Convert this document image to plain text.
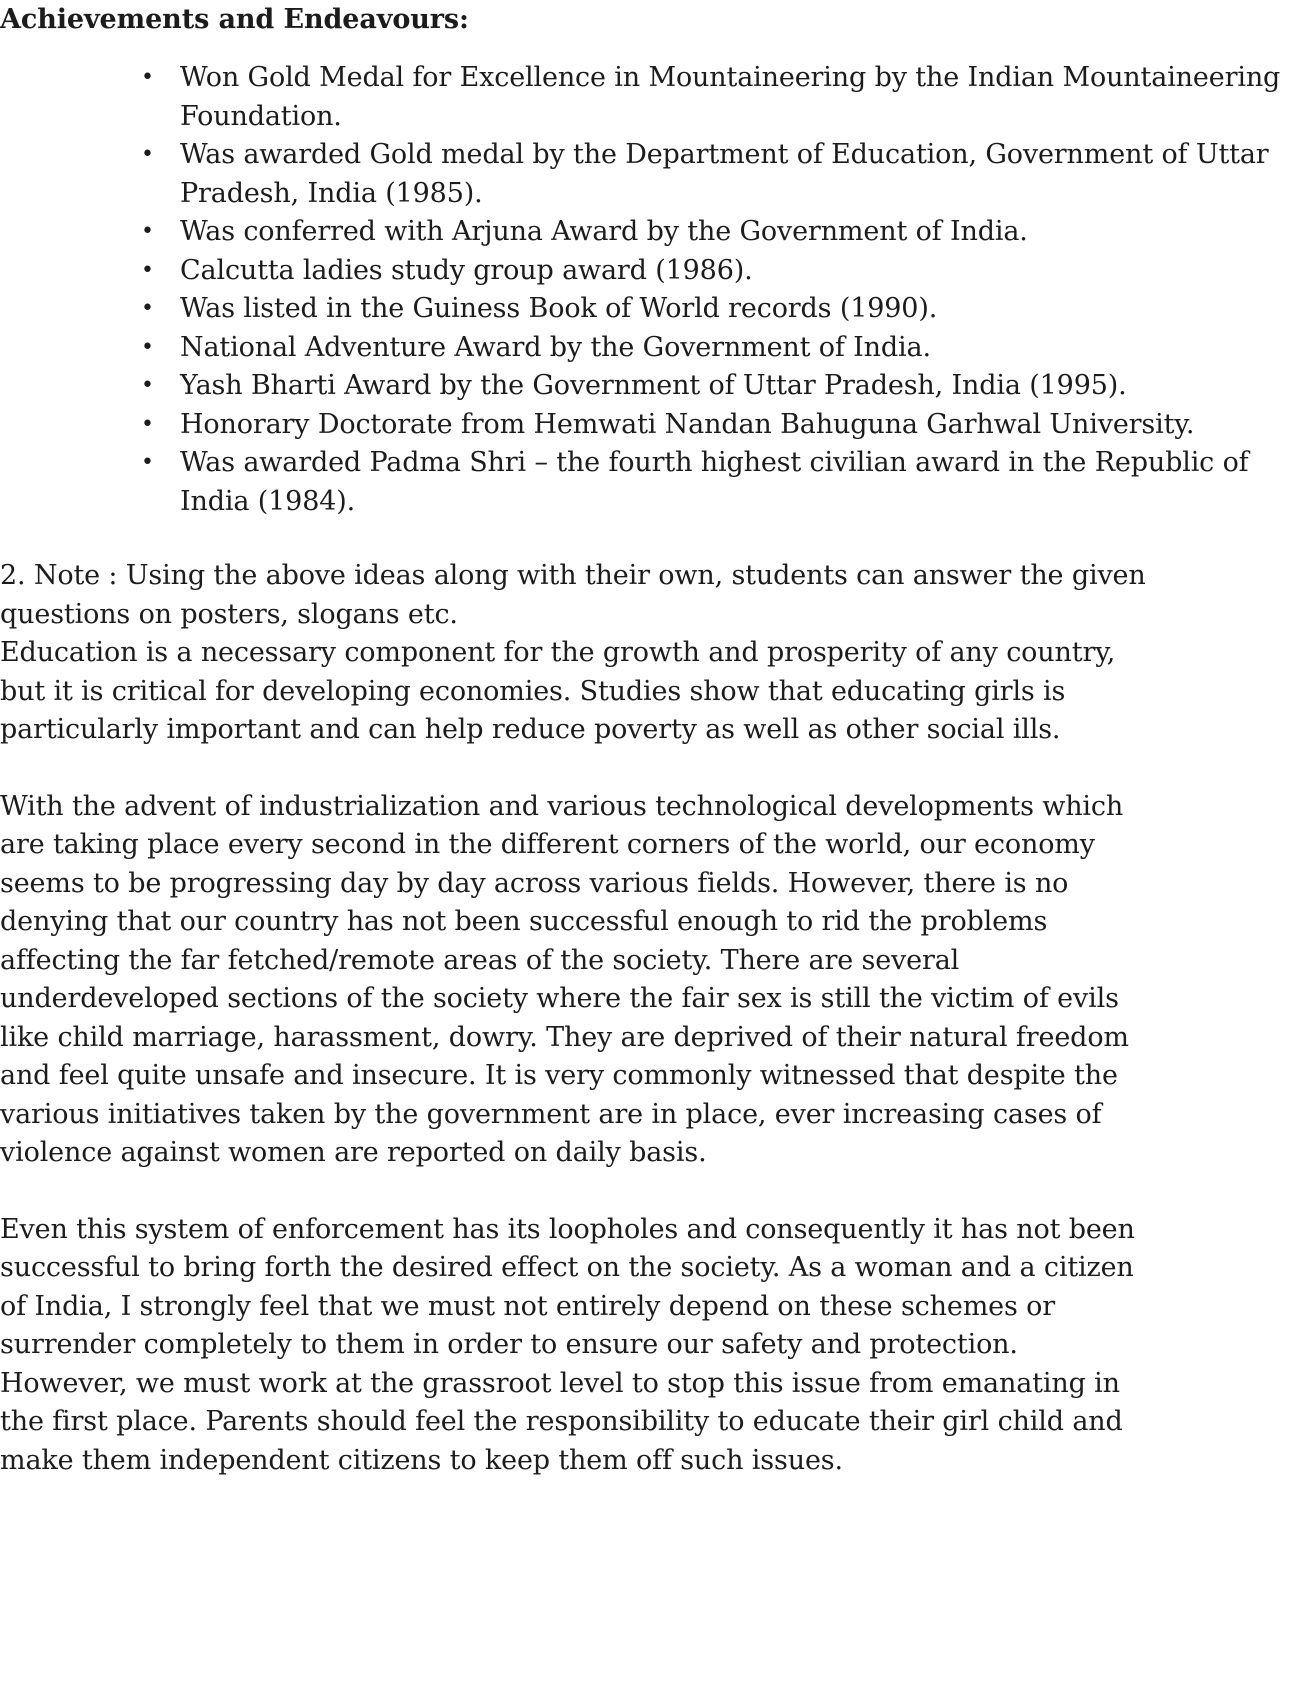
Achievements and Endeavours:
• Won Gold Medal for Excellence in Mountaineering by the Indian Mountaineering Foundation.
• Was awarded Gold medal by the Department of Education, Government of Uttar Pradesh, India (1985).
• Was conferred with Arjuna Award by the Government of India.
• Calcutta ladies study group award (1986).
• Was listed in the Guiness Book of World records (1990).
• National Adventure Award by the Government of India.
• Yash Bharti Award by the Government of Uttar Pradesh, India (1995).
• Honorary Doctorate from Hemwati Nandan Bahuguna Garhwal University.
• Was awarded Padma Shri – the fourth highest civilian award in the Republic of India (1984).

2. Note : Using the above ideas along with their own, students can answer the given
questions on posters, slogans etc.

Education is a necessary component for the growth and prosperity of any country,
but it is critical for developing economies. Studies show that educating girls is
particularly important and can help reduce poverty as well as other social ills.

With the advent of industrialization and various technological developments which
are taking place every second in the different corners of the world, our economy
seems to be progressing day by day across various fields. However, there is no
denying that our country has not been successful enough to rid the problems
affecting the far fetched/remote areas of the society. There are several
underdeveloped sections of the society where the fair sex is still the victim of evils
like child marriage, harassment, dowry. They are deprived of their natural freedom
and feel quite unsafe and insecure. It is very commonly witnessed that despite the
various initiatives taken by the government are in place, ever increasing cases of
violence against women are reported on daily basis.

Even this system of enforcement has its loopholes and consequently it has not been
successful to bring forth the desired effect on the society. As a woman and a citizen
of India, I strongly feel that we must not entirely depend on these schemes or
surrender completely to them in order to ensure our safety and protection.
However, we must work at the grassroot level to stop this issue from emanating in
the first place. Parents should feel the responsibility to educate their girl child and
make them independent citizens to keep them off such issues.
